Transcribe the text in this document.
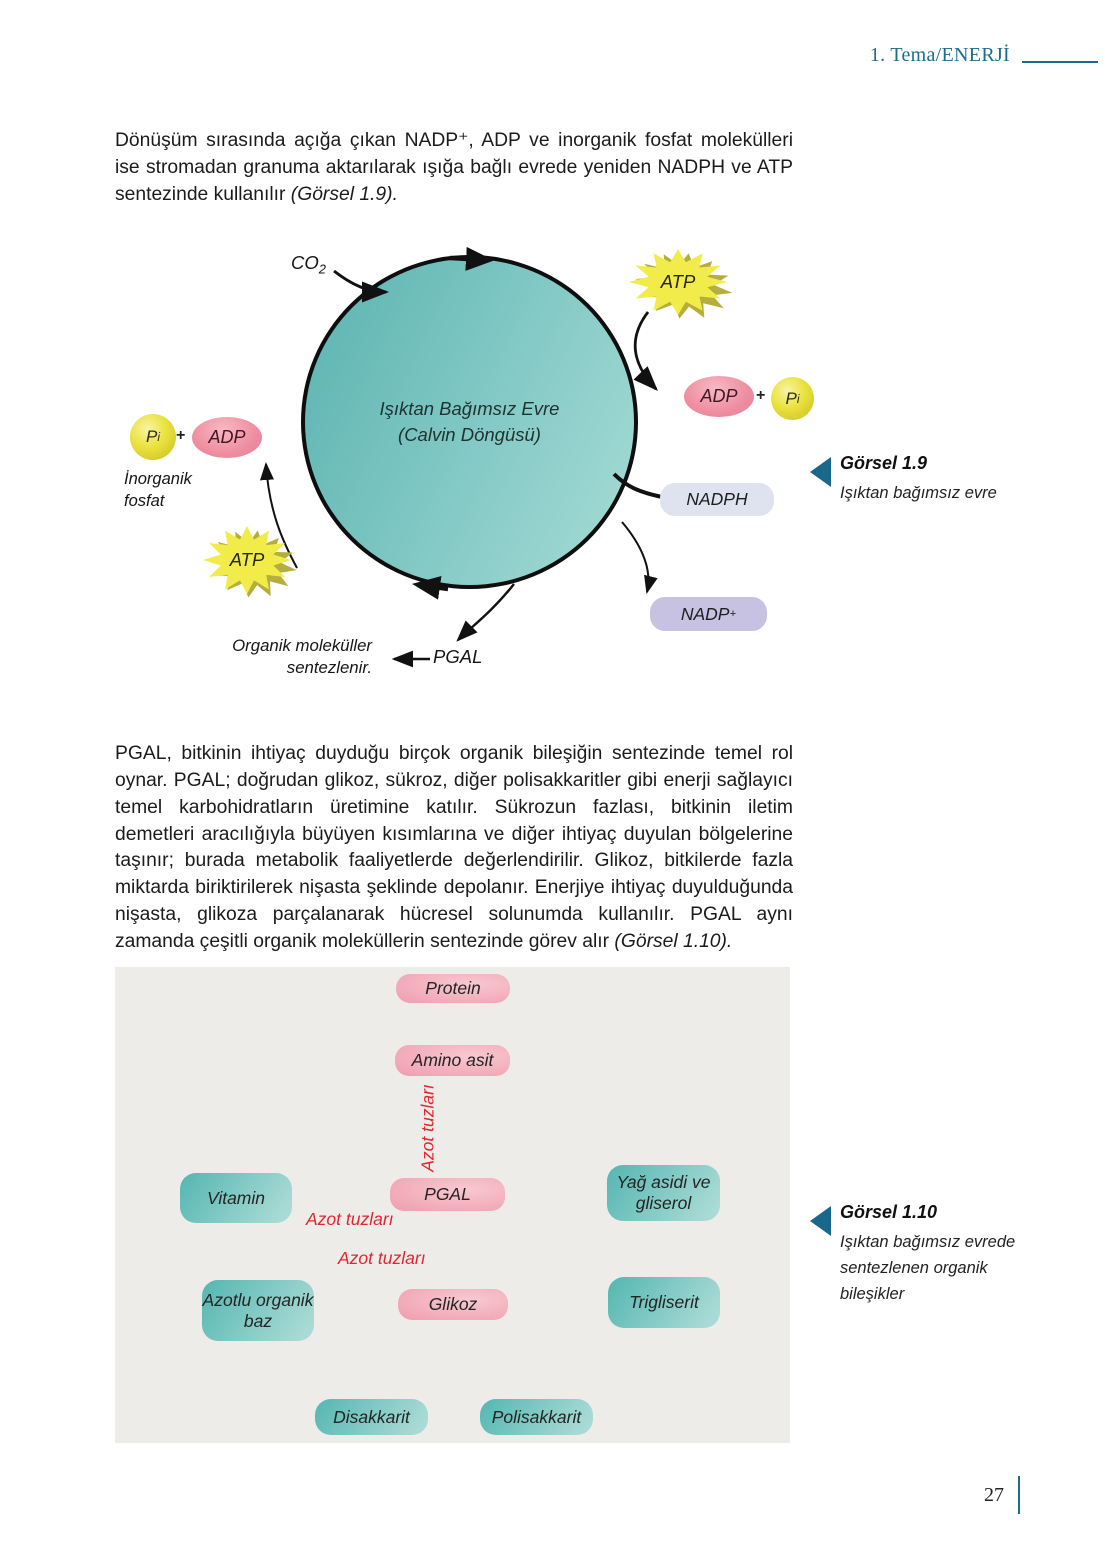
1. Tema/ENERJİ

Dönüşüm sırasında açığa çıkan NADP⁺, ADP ve inorganik fosfat molekülleri ise stromadan granuma aktarılarak ışığa bağlı evrede yeniden NADPH ve ATP sentezinde kullanılır (Görsel 1.9).

Işıktan Bağımsız Evre
(Calvin Döngüsü)
$CO_2$
ATP
ATP
P i +	ADP
ADP	+ P i
İnorganik
fosfat	NADPH
NADP +
Organik moleküller sentezlenir.
PGAL
Görsel 1.9
Işıktan bağımsız evre

PGAL, bitkinin ihtiyaç duyduğu birçok organik bileşiğin sentezinde temel rol oynar. PGAL; doğrudan glikoz, sükroz, diğer polisakkaritler gibi enerji sağlayıcı temel karbohidratların üretimine katılır. Sükrozun fazlası, bitkinin iletim demetleri aracılığıyla büyüyen kısımlarına ve diğer ihtiyaç duyulan bölgelerine taşınır; burada metabolik faaliyetlerde değerlendirilir. Glikoz, bitkilerde fazla miktarda biriktirilerek nişasta şeklinde depolanır. Enerjiye ihtiyaç duyulduğunda nişasta, glikoza parçalanarak hücresel solunumda kullanılır. PGAL aynı zamanda çeşitli organik moleküllerin sentezinde görev alır (Görsel 1.10).

Protein
Amino asit
PGAL
Glikoz
Vitamin
Yağ asidi ve gliserol
Azotlu organik baz
Trigliserit
Disakkarit	Polisakkarit
Azot tuzları
Azot tuzları
Azot tuzları
Görsel 1.10
Işıktan bağımsız evrede sentezlenen organik bileşikler
27
